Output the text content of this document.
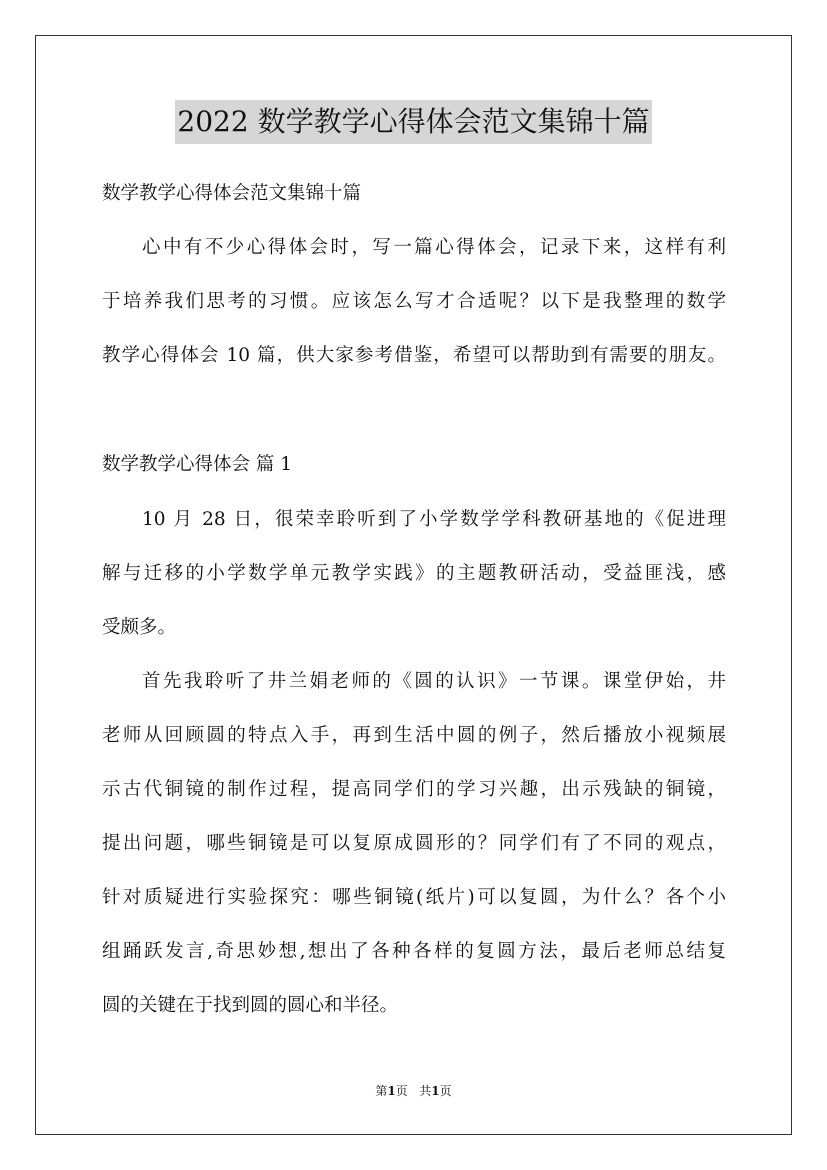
2022 数学教学心得体会范文集锦十篇
数学教学心得体会范文集锦十篇
心中有不少心得体会时，写一篇心得体会，记录下来，这样有利
于培养我们思考的习惯。应该怎么写才合适呢？以下是我整理的数学
教学心得体会 10 篇，供大家参考借鉴，希望可以帮助到有需要的朋友。
数学教学心得体会 篇 1
10 月 28 日，很荣幸聆听到了小学数学学科教研基地的《促进理
解与迁移的小学数学单元教学实践》的主题教研活动，受益匪浅，感
受颇多。
首先我聆听了井兰娟老师的《圆的认识》一节课。课堂伊始，井
老师从回顾圆的特点入手，再到生活中圆的例子，然后播放小视频展
示古代铜镜的制作过程，提高同学们的学习兴趣，出示残缺的铜镜，
提出问题，哪些铜镜是可以复原成圆形的？同学们有了不同的观点，
针对质疑进行实验探究：哪些铜镜(纸片)可以复圆，为什么？各个小
组踊跃发言,奇思妙想,想出了各种各样的复圆方法，最后老师总结复
圆的关键在于找到圆的圆心和半径。
第1页 共1页
